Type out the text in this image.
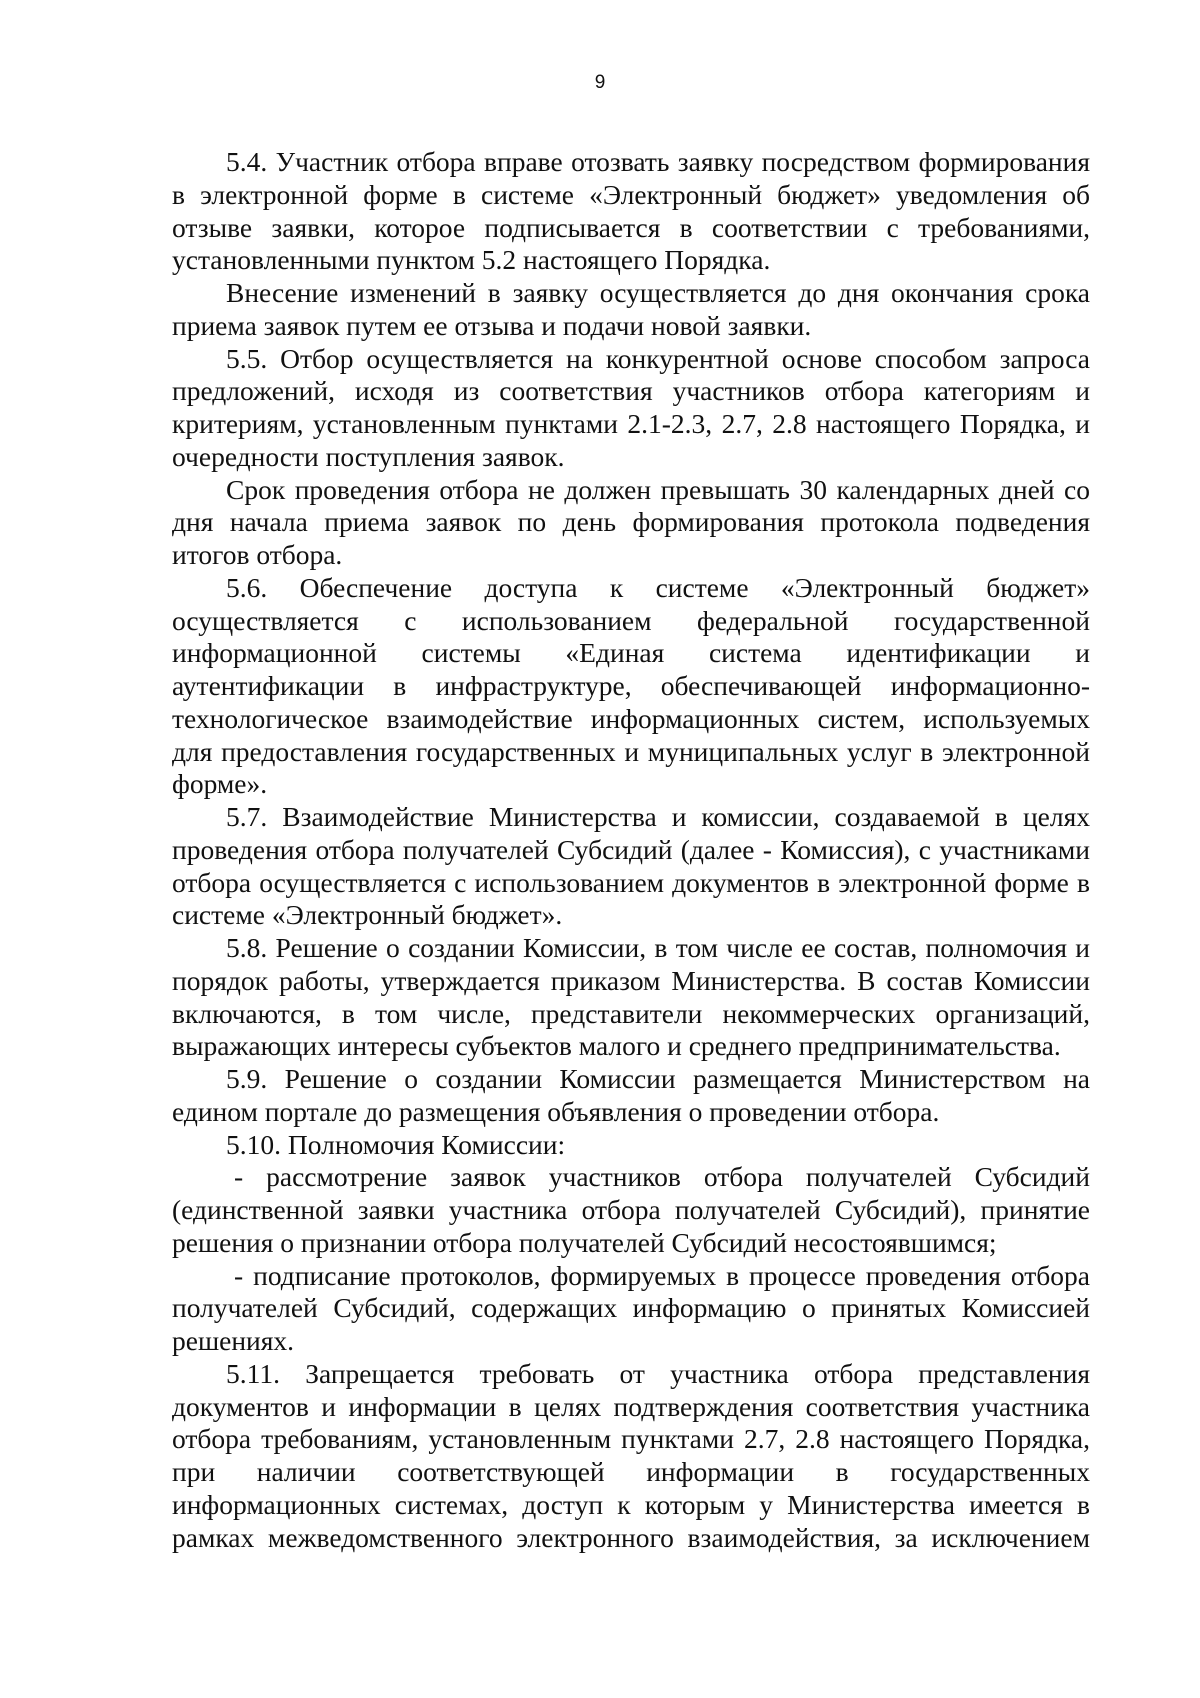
9

5.4. Участник отбора вправе отозвать заявку посредством формирования в электронной форме в системе «Электронный бюджет» уведомления об отзыве заявки, которое подписывается в соответствии с требованиями, установленными пунктом 5.2 настоящего Порядка.

Внесение изменений в заявку осуществляется до дня окончания срока приема заявок путем ее отзыва и подачи новой заявки.

5.5. Отбор осуществляется на конкурентной основе способом запроса предложений, исходя из соответствия участников отбора категориям и критериям, установленным пунктами 2.1-2.3, 2.7, 2.8 настоящего Порядка, и очередности поступления заявок.

Срок проведения отбора не должен превышать 30 календарных дней со дня начала приема заявок по день формирования протокола подведения итогов отбора.

5.6. Обеспечение доступа к системе «Электронный бюджет» осуществляется с использованием федеральной государственной информационной системы «Единая система идентификации и аутентификации в инфраструктуре, обеспечивающей информационно-технологическое взаимодействие информационных систем, используемых для предоставления государственных и муниципальных услуг в электронной форме».

5.7. Взаимодействие Министерства и комиссии, создаваемой в целях проведения отбора получателей Субсидий (далее - Комиссия), с участниками отбора осуществляется с использованием документов в электронной форме в системе «Электронный бюджет».

5.8. Решение о создании Комиссии, в том числе ее состав, полномочия и порядок работы, утверждается приказом Министерства. В состав Комиссии включаются, в том числе, представители некоммерческих организаций, выражающих интересы субъектов малого и среднего предпринимательства.

5.9. Решение о создании Комиссии размещается Министерством на едином портале до размещения объявления о проведении отбора.

5.10. Полномочия Комиссии:

- рассмотрение заявок участников отбора получателей Субсидий (единственной заявки участника отбора получателей Субсидий), принятие решения о признании отбора получателей Субсидий несостоявшимся;

- подписание протоколов, формируемых в процессе проведения отбора получателей Субсидий, содержащих информацию о принятых Комиссией решениях.

5.11. Запрещается требовать от участника отбора представления документов и информации в целях подтверждения соответствия участника отбора требованиям, установленным пунктами 2.7, 2.8 настоящего Порядка, при наличии соответствующей информации в государственных информационных системах, доступ к которым у Министерства имеется в рамках межведомственного электронного взаимодействия, за исключением
